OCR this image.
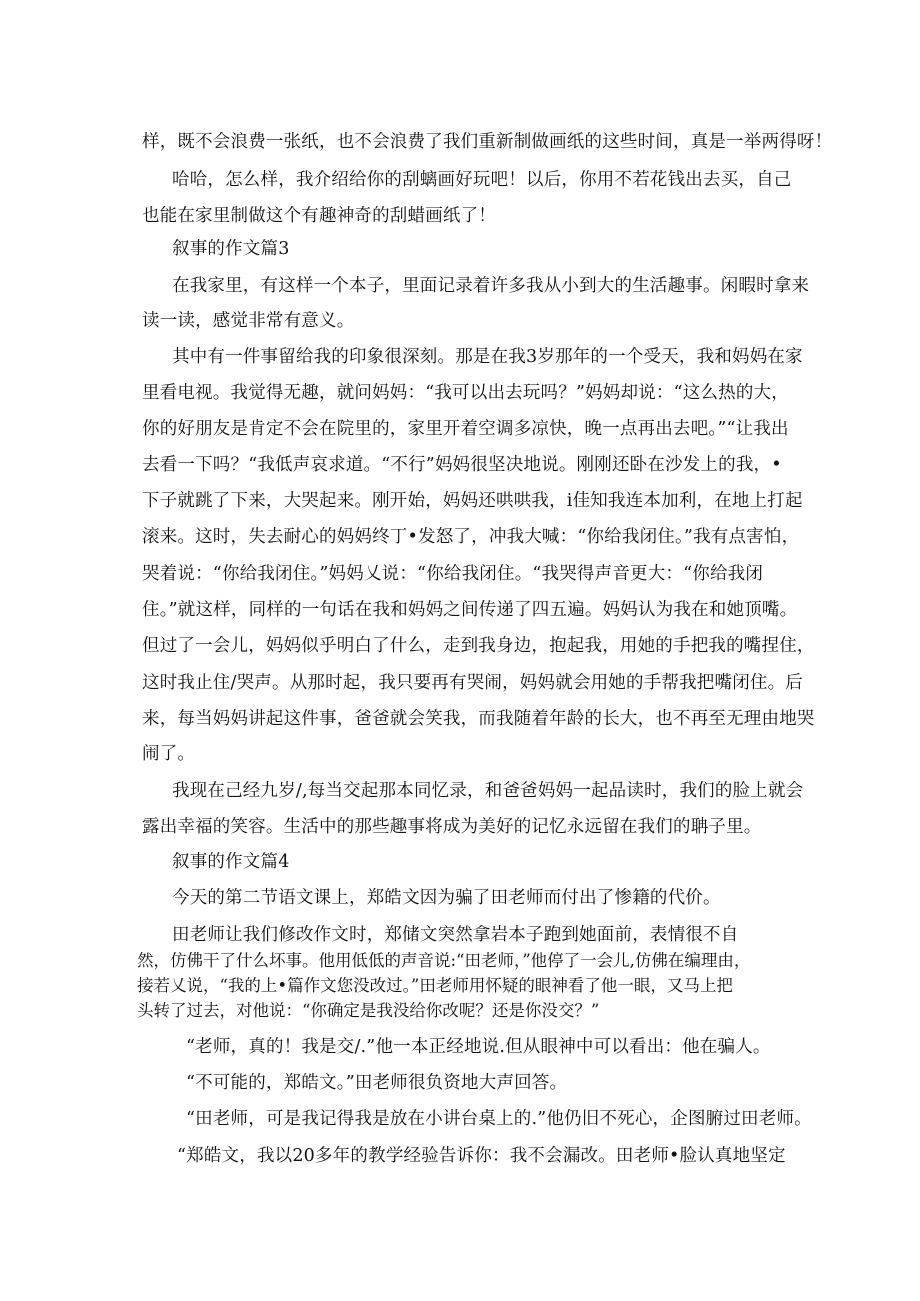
样，既不会浪费一张纸，也不会浪费了我们重新制做画纸的这些时间，真是一举两得呀！
哈哈，怎么样，我介绍给你的刮螭画好玩吧！以后，你用不若花钱出去买，自己
也能在家里制做这个有趣神奇的刮蜡画纸了！
叙事的作文篇3
在我家里，有这样一个本子，里面记录着许多我从小到大的生活趣事。闲暇时拿来
读一读，感觉非常有意义。
其中有一件事留给我的印象很深刻。那是在我3岁那年的一个受天，我和妈妈在家
里看电视。我觉得无趣，就问妈妈：“我可以出去玩吗？”妈妈却说：“这么热的大，
你的好朋友是肯定不会在院里的，家里开着空调多凉快，晚一点再出去吧。”“让我出
去看一下吗？“我低声哀求道。“不行”妈妈很坚决地说。刚刚还卧在沙发上的我，•
下子就跳了下来，大哭起来。刚开始，妈妈还哄哄我，i佳知我连本加利，在地上打起
滚来。这时，失去耐心的妈妈终丁•发怒了，冲我大喊：“你给我闭住。”我有点害怕，
哭着说：“你给我闭住。”妈妈乂说：“你给我闭住。“我哭得声音更大：“你给我闭
住。”就这样，同样的一句话在我和妈妈之间传递了四五遍。妈妈认为我在和她顶嘴。
但过了一会儿，妈妈似乎明白了什么，走到我身边，抱起我，用她的手把我的嘴捏住，
这时我止住/哭声。从那时起，我只要再有哭闹，妈妈就会用她的手帮我把嘴闭住。后
来，每当妈妈讲起这件事，爸爸就会笑我，而我随着年龄的长大，也不再至无理由地哭
闹了。
我现在己经九岁/,每当交起那本同忆录，和爸爸妈妈一起品读时，我们的脸上就会
露出幸福的笑容。生活中的那些趣事将成为美好的记忆永远留在我们的聃子里。
叙事的作文篇4
今天的第二节语文课上，郑皓文因为骗了田老师而付出了惨籍的代价。
田老师让我们修改作文时，郑储文突然拿岩本子跑到她面前，表情很不自
然，仿佛干了什么坏事。他用低低的声音说:“田老师，”他停了一会儿,仿佛在编理由，
接若乂说，“我的上•篇作文您没改过。”田老师用怀疑的眼神看了他一眼，又马上把
头转了过去，对他说：“你确定是我没给你改呢？还是你没交？”
“老师，真的！我是交/.”他一本正经地说.但从眼神中可以看出：他在骗人。
“不可能的，郑皓文。”田老师很负资地大声回答。
“田老师，可是我记得我是放在小讲台桌上的.”他仍旧不死心，企图腑过田老师。
“郑皓文，我以20多年的教学经验告诉你：我不会漏改。田老师•脸认真地坚定
